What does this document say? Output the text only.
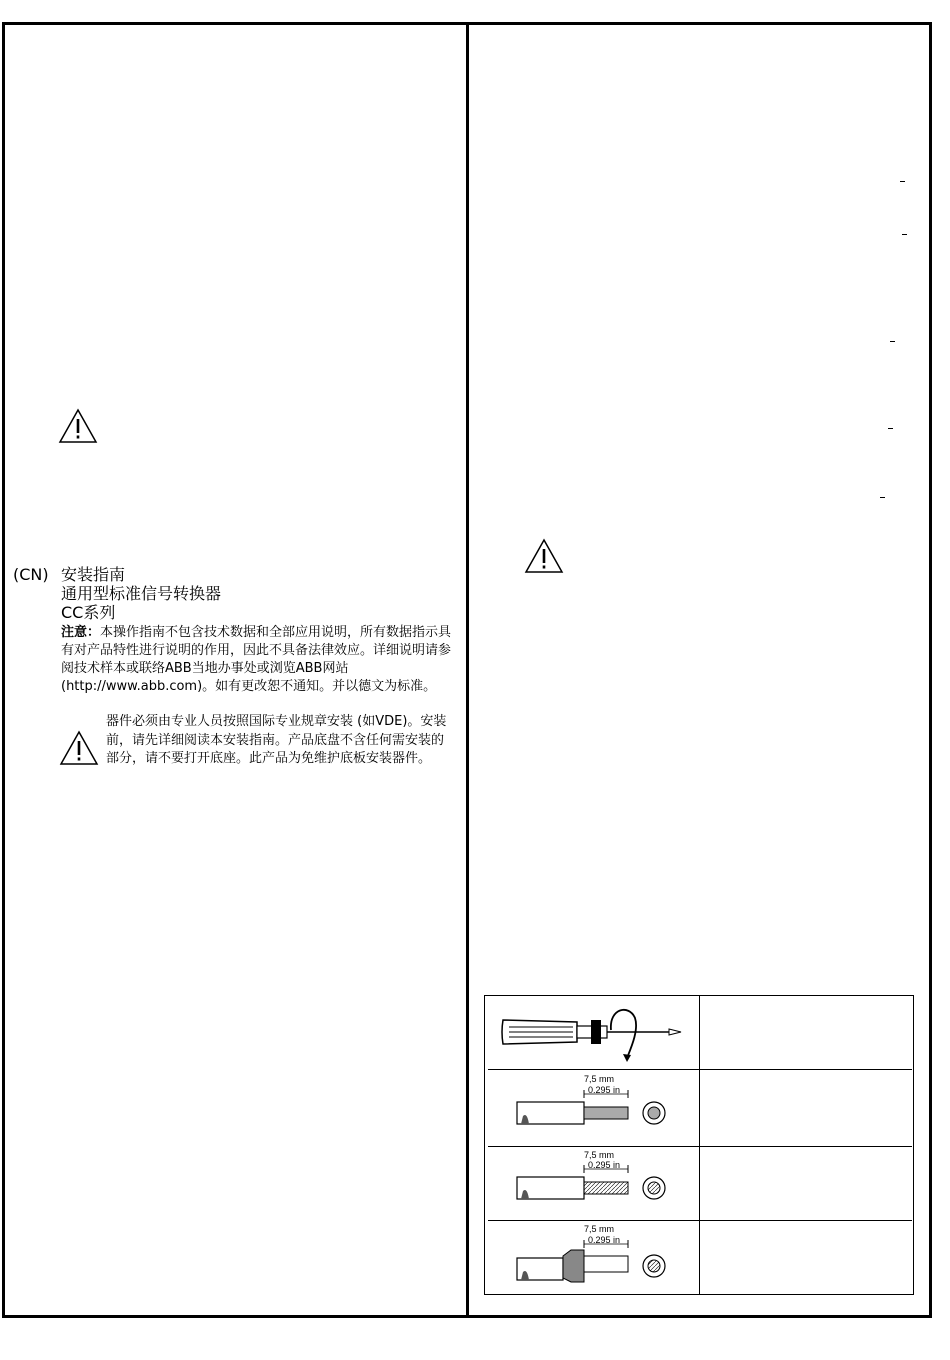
(CN) 安装指南
通用型标准信号转换器
CC系列
注意：本操作指南不包含技术数据和全部应用说明，所有数据指示具有对产品特性进行说明的作用，因此不具备法律效应。详细说明请参阅技术样本或联络ABB当地办事处或浏览ABB网站 (http://www.abb.com)。如有更改恕不通知。并以德文为标准。
器件必须由专业人员按照国际专业规章安装 (如VDE)。安装前，请先详细阅读本安装指南。产品底盘不含任何需安装的部分，请不要打开底座。此产品为免维护底板安装器件。
7,5 mm
0.295 in
7,5 mm
0.295 in
7,5 mm
0.295 in
